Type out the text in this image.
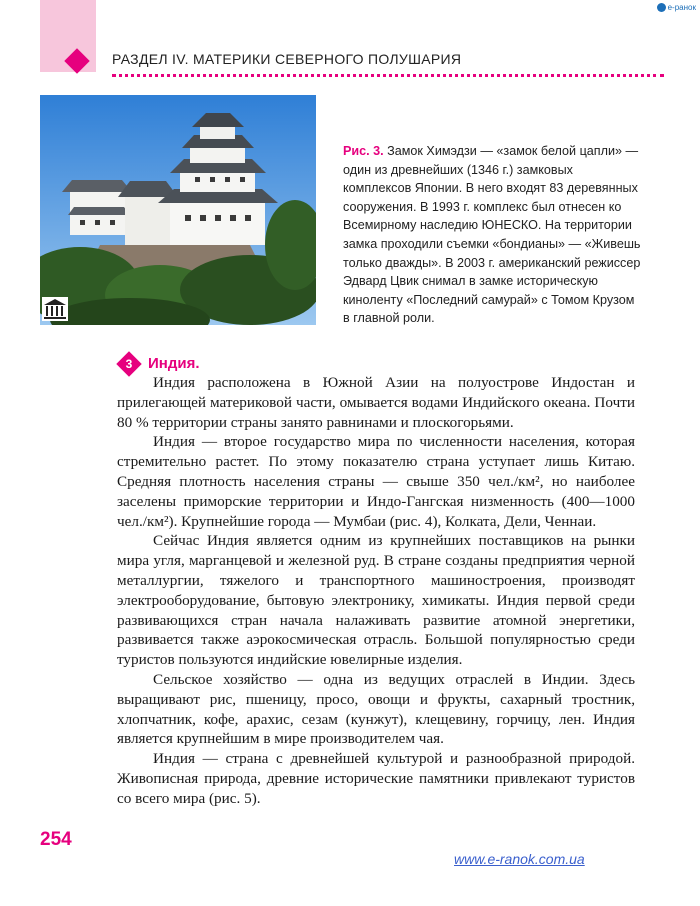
РАЗДЕЛ IV. МАТЕРИКИ СЕВЕРНОГО ПОЛУШАРИЯ
e-ранок
Рис. 3. Замок Химэдзи — «замок белой цапли» — один из древнейших (1346 г.) замковых комплексов Японии. В него входят 83 деревянных сооружения. В 1993 г. комплекс был отнесен ко Всемирному наследию ЮНЕСКО. На территории замка проходили съемки «бондианы» — «Живешь только дважды». В 2003 г. американский режиссер Эдвард Цвик снимал в замке историческую киноленту «Последний самурай» с Томом Крузом в главной роли.
3	Индия.

Индия расположена в Южной Азии на полуострове Индостан и прилегающей материковой части, омывается водами Индийского океана. Почти 80 % территории страны занято равнинами и плоскогорьями.

Индия — второе государство мира по численности населения, которая стремительно растет. По этому показателю страна уступает лишь Китаю. Средняя плотность населения страны — свыше 350 чел./км², но наиболее заселены приморские территории и Индо-Гангская низменность (400—1000 чел./км²). Крупнейшие города — Мумбаи (рис. 4), Колката, Дели, Ченнаи.

Сейчас Индия является одним из крупнейших поставщиков на рынки мира угля, марганцевой и железной руд. В стране созданы предприятия черной металлургии, тяжелого и транспортного машиностроения, производят электрооборудование, бытовую электронику, химикаты. Индия первой среди развивающихся стран начала налаживать развитие атомной энергетики, развивается также аэрокосмическая отрасль. Большой популярностью среди туристов пользуются индийские ювелирные изделия.

Сельское хозяйство — одна из ведущих отраслей в Индии. Здесь выращивают рис, пшеницу, просо, овощи и фрукты, сахарный тростник, хлопчатник, кофе, арахис, сезам (кунжут), клещевину, горчицу, лен. Индия является крупнейшим в мире производителем чая.

Индия — страна с древнейшей культурой и разнообразной природой. Живописная природа, древние исторические памятники привлекают туристов со всего мира (рис. 5).

254
www.e-ranok.com.ua
